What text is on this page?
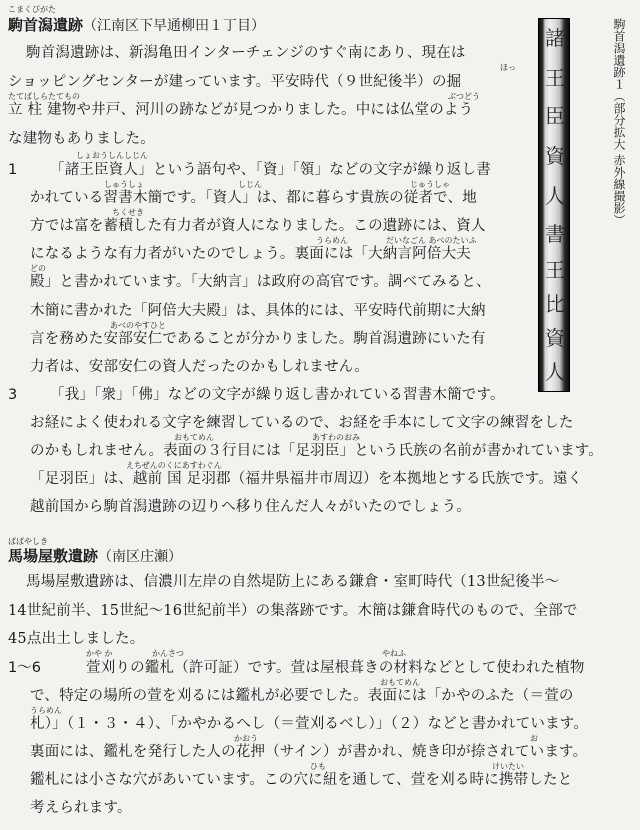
こまくびがた
駒首潟遺跡（江南区下早通柳田１丁目）
駒首潟遺跡は、新潟亀田インターチェンジのすぐ南にあり、現在は
ほっ
ショッピングセンターが建っています。平安時代（９世紀後半）の掘
たてばしらたてもの	ぶつどう
立 柱 建物や井戸、河川の跡などが見つかりました。中には仏堂のよう
な建物もありました。
しょおうしんしじん
1 「諸王臣資人」という語句や、「資」「領」などの文字が繰り返し書
しゅうしょ	しじん	じゅうしゃ
かれている習書木簡です。「資人」は、都に暮らす貴族の従者で、地
ちくせき
方では富を蓄積した有力者が資人になりました。この遺跡には、資人
うらめん	だいなごん あべのたいふ
になるような有力者がいたのでしょう。裏面には「大納言阿倍大夫
どの
殿」と書かれています。「大納言」は政府の高官です。調べてみると、
木簡に書かれた「阿倍大夫殿」は、具体的には、平安時代前期に大納
あべのやすひと
言を務めた安部安仁であることが分かりました。駒首潟遺跡にいた有
力者は、安部安仁の資人だったのかもしれません。
3 「我」「衆」「佛」などの文字が繰り返し書かれている習書木簡です。
お経によく使われる文字を練習しているので、お経を手本にして文字の練習をした
おもてめん	あすわのおみ
のかもしれません。表面の３行目には「足羽臣」という氏族の名前が書かれています。
えちぜんのくにあすわぐん
「足羽臣」は、越前 国 足羽郡（福井県福井市周辺）を本拠地とする氏族です。遠く
越前国から駒首潟遺跡の辺りへ移り住んだ人々がいたのでしょう。
諸
王
臣
資
人
書
王
比
資
人
駒首潟遺跡１（部分拡大 赤外線撮影）
ばばやしき
馬場屋敷遺跡（南区庄瀬）
馬場屋敷遺跡は、信濃川左岸の自然堤防上にある鎌倉・室町時代（13世紀後半〜
14世紀前半、15世紀〜16世紀前半）の集落跡です。木簡は鎌倉時代のもので、全部で
45点出土しました。
かや か	かんさつ
1〜6	萱刈りの鑑札（許可証）です。萱は屋根葺きの材料などとして使われた植物
おもてめん
やねふ
で、特定の場所の萱を刈るには鑑札が必要でした。表面には「かやのふた（＝萱の
うらめん
札）」（１・３・４）、「かやかるへし（＝萱刈るべし）」（２）などと書かれています。
かおう	お
裏面には、鑑札を発行した人の花押（サイン）が書かれ、焼き印が捺されています。
ひも	けいたい
鑑札には小さな穴があいています。この穴に紐を通して、萱を刈る時に携帯したと
考えられます。
